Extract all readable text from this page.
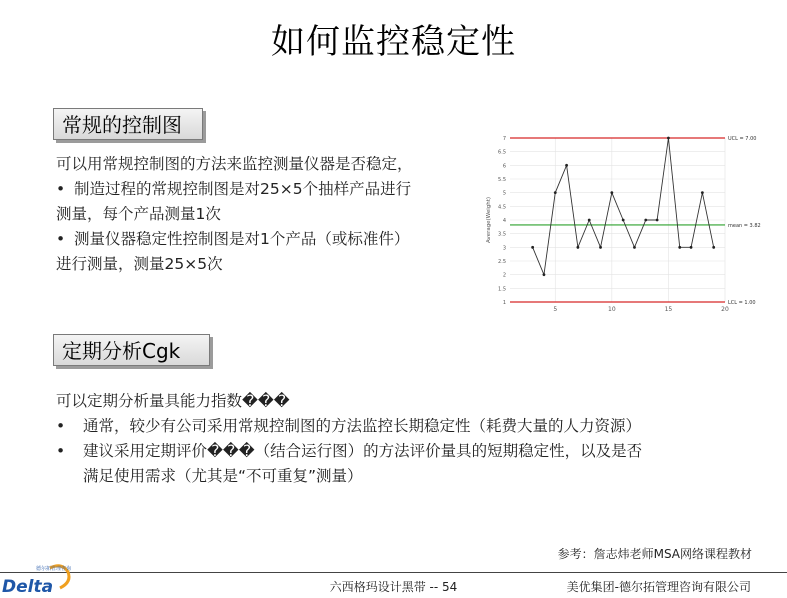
如何监控稳定性
常规的控制图
可以用常规控制图的方法来监控测量仪器是否稳定，
• 制造过程的常规控制图是对25×5个抽样产品进行
测量，每个产品测量1次
• 测量仪器稳定性控制图是对1个产品（或标准件）
进行测量，测量25×5次
1
1.5
2
2.5
3
3.5
4
4.5
5
5.5
6
6.5
7
5	10	15	20
Average(Weight)
UCL = 7.00
mean = 3.82
LCL = 1.00
定期分析Cgk
可以定期分析量具能力指数���
• 通常，较少有公司采用常规控制图的方法监控长期稳定性（耗费大量的人力资源）
• 建议采用定期评价���（结合运行图）的方法评价量具的短期稳定性，以及是否
满足使用需求（尤其是“不可重复”测量）
参考：詹志炜老师MSA网络课程教材
德尔拓管理咨询
Delta	六西格玛设计黑带 -- 54	美优集团-德尔拓管理咨询有限公司
